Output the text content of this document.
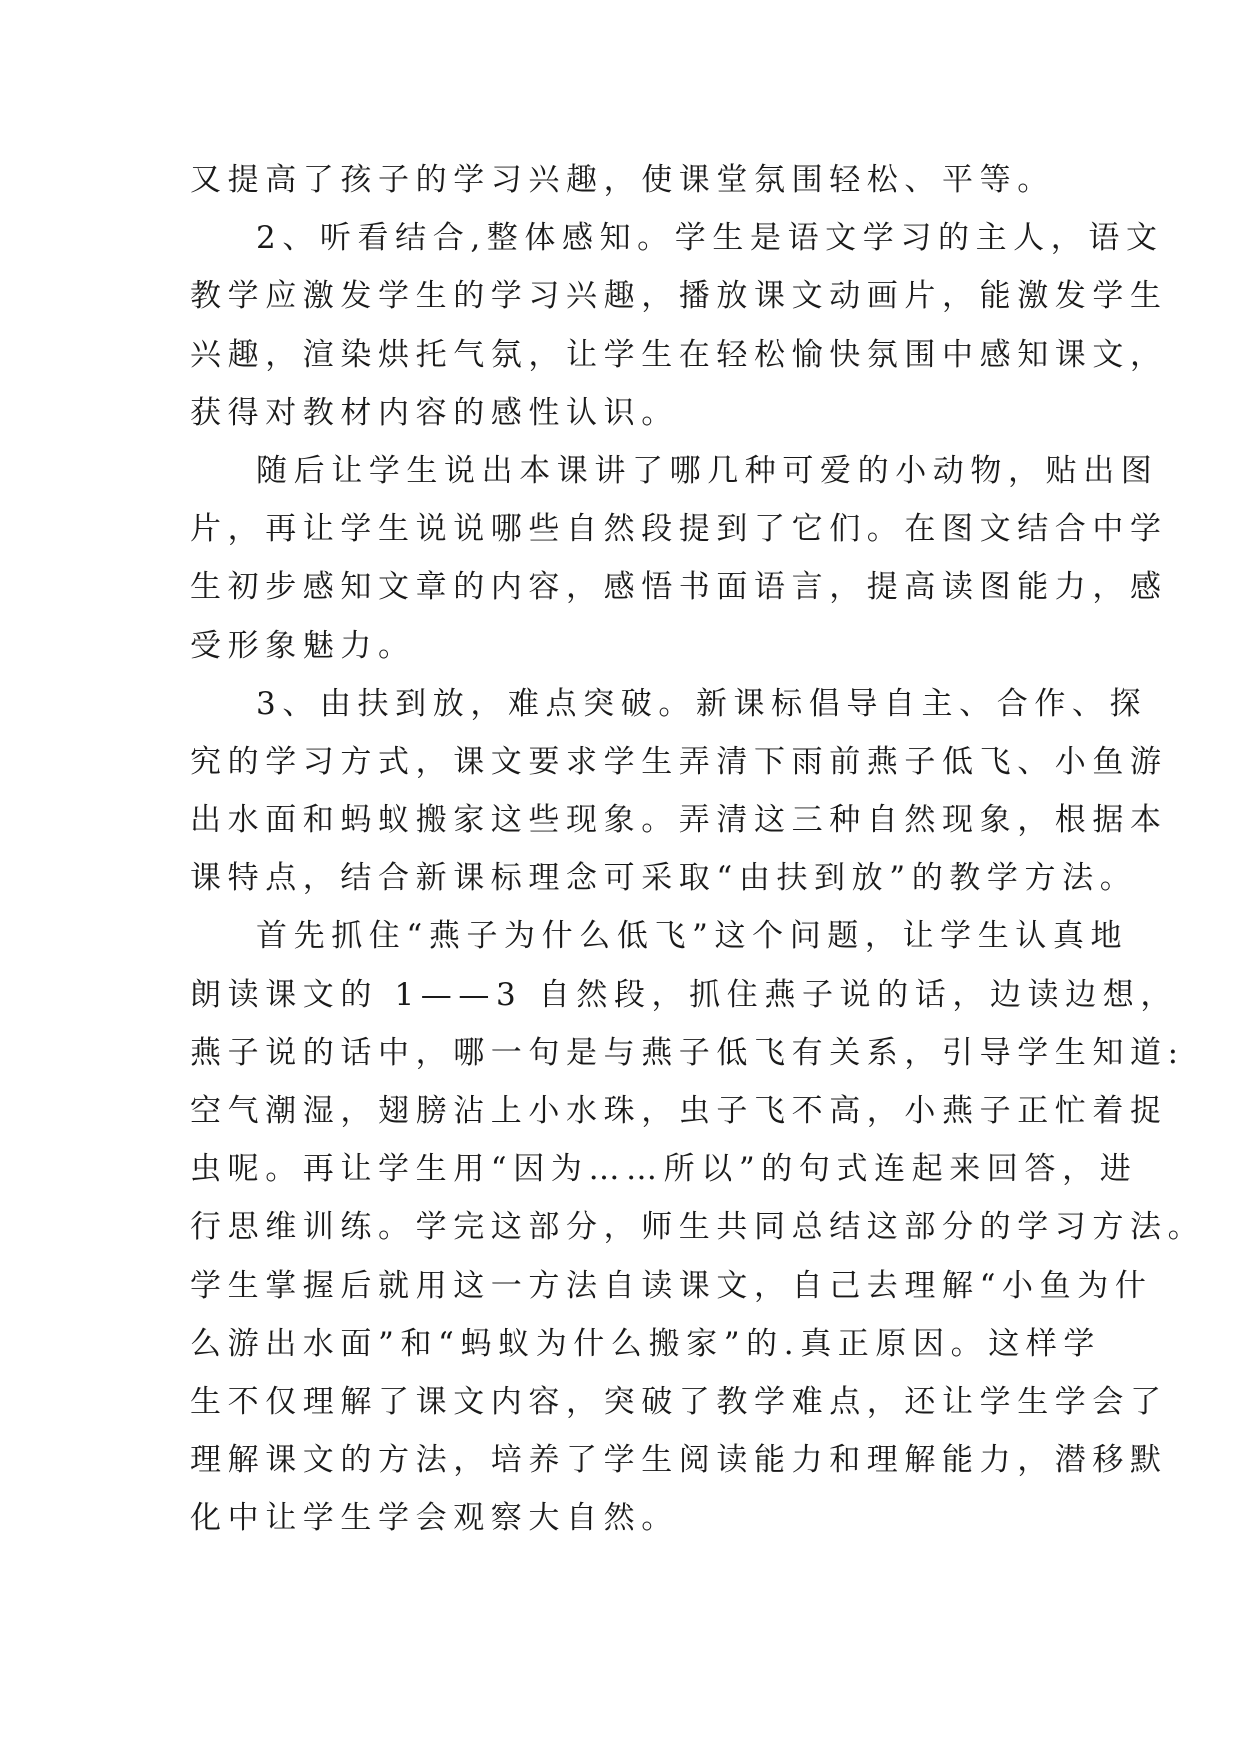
又提高了孩子的学习兴趣，使课堂氛围轻松、平等。
2、听看结合,整体感知。学生是语文学习的主人，语文
教学应激发学生的学习兴趣，播放课文动画片，能激发学生
兴趣，渲染烘托气氛，让学生在轻松愉快氛围中感知课文，
获得对教材内容的感性认识。
随后让学生说出本课讲了哪几种可爱的小动物，贴出图
片，再让学生说说哪些自然段提到了它们。在图文结合中学
生初步感知文章的内容，感悟书面语言，提高读图能力，感
受形象魅力。
3、由扶到放，难点突破。新课标倡导自主、合作、探
究的学习方式，课文要求学生弄清下雨前燕子低飞、小鱼游
出水面和蚂蚁搬家这些现象。弄清这三种自然现象，根据本
课特点，结合新课标理念可采取“由扶到放”的教学方法。
首先抓住“燕子为什么低飞”这个问题，让学生认真地
朗读课文的 1——3 自然段，抓住燕子说的话，边读边想，
燕子说的话中，哪一句是与燕子低飞有关系，引导学生知道:
空气潮湿，翅膀沾上小水珠，虫子飞不高，小燕子正忙着捉
虫呢。再让学生用“因为……所以”的句式连起来回答，进
行思维训练。学完这部分，师生共同总结这部分的学习方法。
学生掌握后就用这一方法自读课文，自己去理解“小鱼为什
么游出水面”和“蚂蚁为什么搬家”的.真正原因。这样学
生不仅理解了课文内容，突破了教学难点，还让学生学会了
理解课文的方法，培养了学生阅读能力和理解能力，潜移默
化中让学生学会观察大自然。
